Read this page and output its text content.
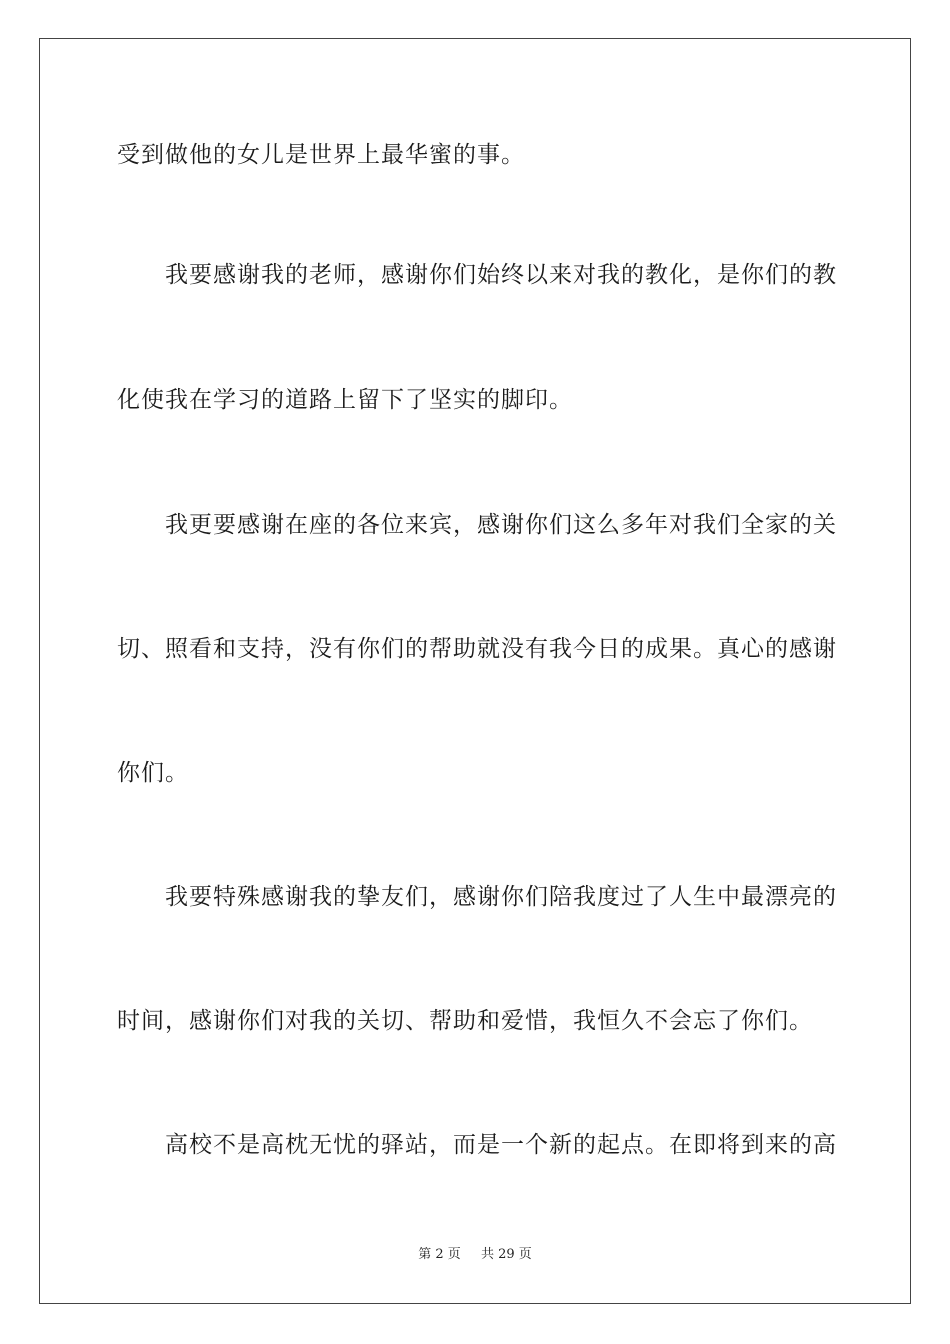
受到做他的女儿是世界上最华蜜的事。
　　我要感谢我的老师，感谢你们始终以来对我的教化，是你们的教
化使我在学习的道路上留下了坚实的脚印。
　　我更要感谢在座的各位来宾，感谢你们这么多年对我们全家的关
切、照看和支持，没有你们的帮助就没有我今日的成果。真心的感谢
你们。
　　我要特殊感谢我的挚友们，感谢你们陪我度过了人生中最漂亮的
时间，感谢你们对我的关切、帮助和爱惜，我恒久不会忘了你们。
　　高校不是高枕无忧的驿站，而是一个新的起点。在即将到来的高
第 2 页 共 29 页
